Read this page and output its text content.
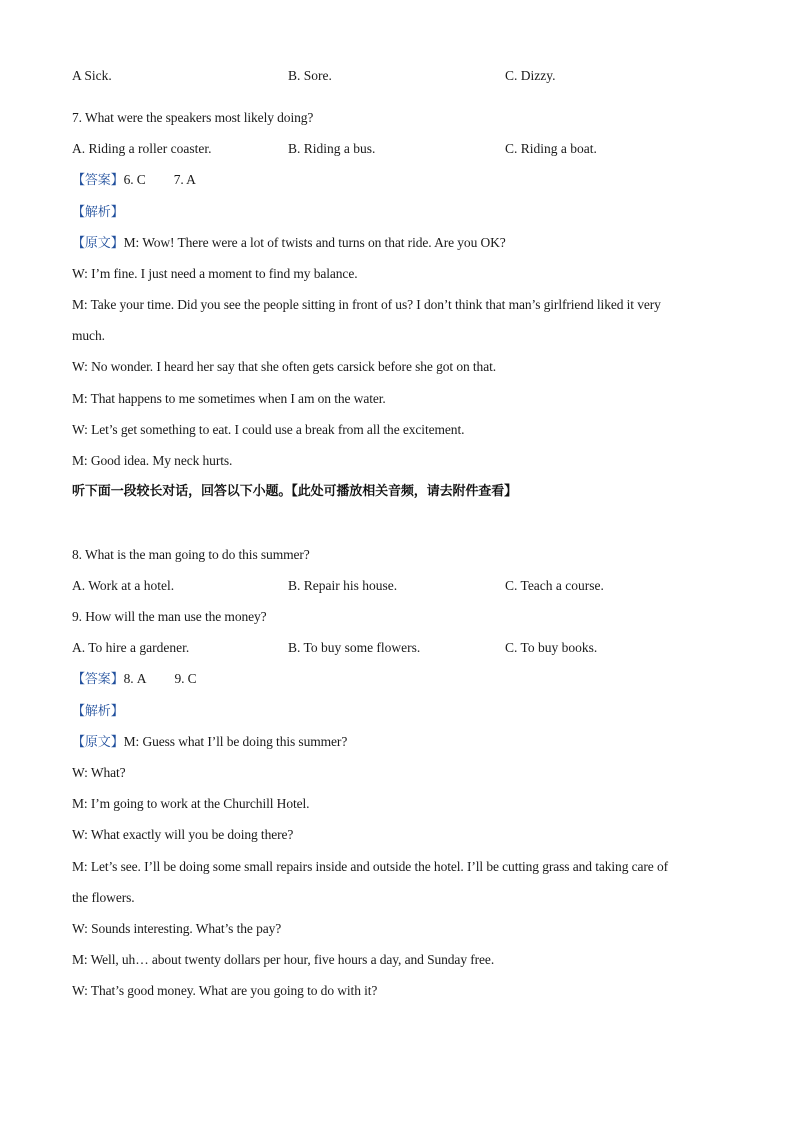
A Sick.	B. Sore.	C. Dizzy.
7. What were the speakers most likely doing?
A. Riding a roller coaster.	B. Riding a bus.	C. Riding a boat.
【答案】6. C 7. A
【解析】
【原文】M: Wow! There were a lot of twists and turns on that ride. Are you OK?
W: I’m fine. I just need a moment to find my balance.
M: Take your time. Did you see the people sitting in front of us? I don’t think that man’s girlfriend liked it very
much.
W: No wonder. I heard her say that she often gets carsick before she got on that.
M: That happens to me sometimes when I am on the water.
W: Let’s get something to eat. I could use a break from all the excitement.
M: Good idea. My neck hurts.
听下面一段较长对话，回答以下小题。【此处可播放相关音频，请去附件查看】
8. What is the man going to do this summer?
A. Work at a hotel.	B. Repair his house.	C. Teach a course.
9. How will the man use the money?
A. To hire a gardener.	B. To buy some flowers.	C. To buy books.
【答案】8. A 9. C
【解析】
【原文】M: Guess what I’ll be doing this summer?
W: What?
M: I’m going to work at the Churchill Hotel.
W: What exactly will you be doing there?
M: Let’s see. I’ll be doing some small repairs inside and outside the hotel. I’ll be cutting grass and taking care of
the flowers.
W: Sounds interesting. What’s the pay?
M: Well, uh… about twenty dollars per hour, five hours a day, and Sunday free.
W: That’s good money. What are you going to do with it?
